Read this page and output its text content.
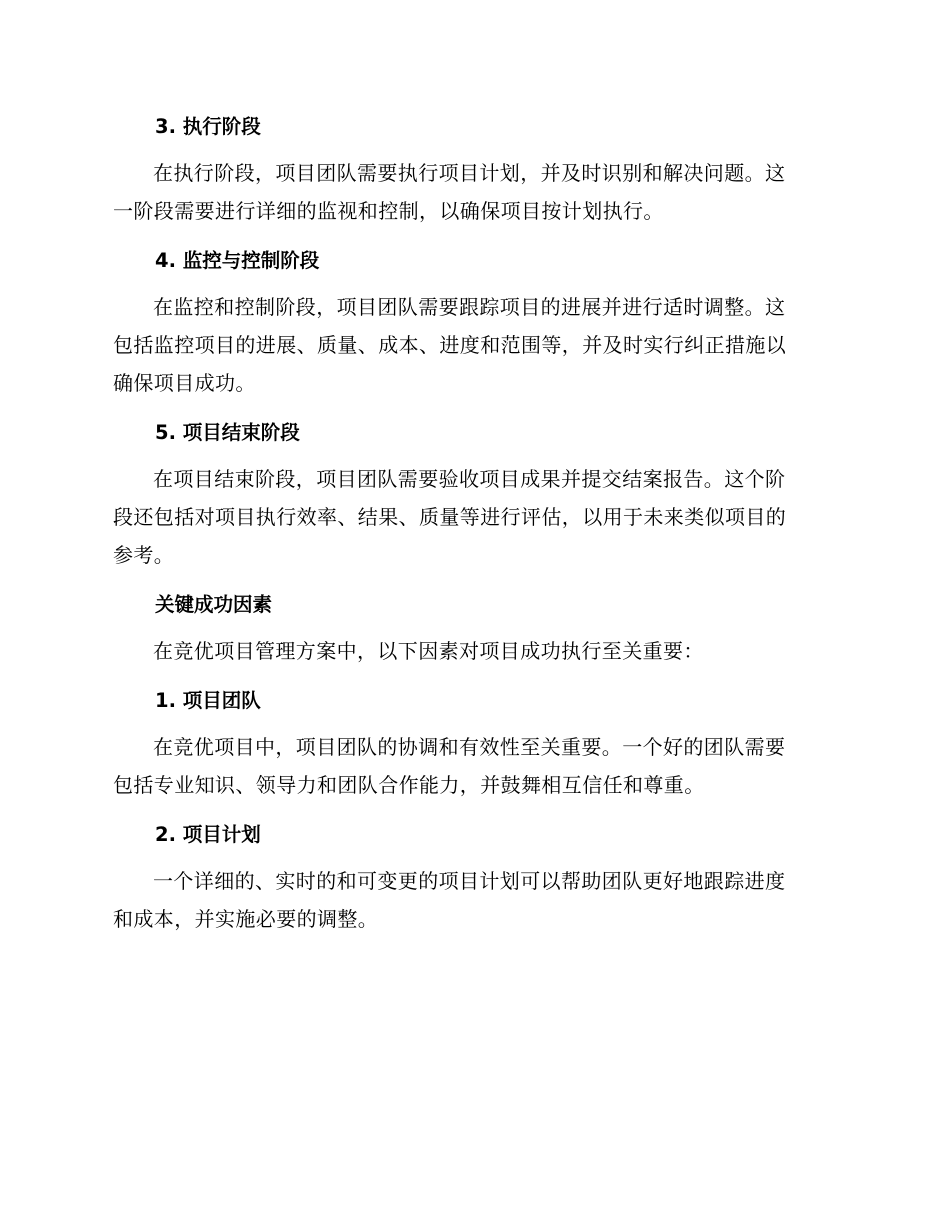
3. 执行阶段
在执行阶段，项目团队需要执行项目计划，并及时识别和解决问题。这
一阶段需要进行详细的监视和控制，以确保项目按计划执行。
4. 监控与控制阶段
在监控和控制阶段，项目团队需要跟踪项目的进展并进行适时调整。这
包括监控项目的进展、质量、成本、进度和范围等，并及时实行纠正措施以
确保项目成功。
5. 项目结束阶段
在项目结束阶段，项目团队需要验收项目成果并提交结案报告。这个阶
段还包括对项目执行效率、结果、质量等进行评估，以用于未来类似项目的
参考。
关键成功因素
在竞优项目管理方案中，以下因素对项目成功执行至关重要：
1. 项目团队
在竞优项目中，项目团队的协调和有效性至关重要。一个好的团队需要
包括专业知识、领导力和团队合作能力，并鼓舞相互信任和尊重。
2. 项目计划
一个详细的、实时的和可变更的项目计划可以帮助团队更好地跟踪进度
和成本，并实施必要的调整。
